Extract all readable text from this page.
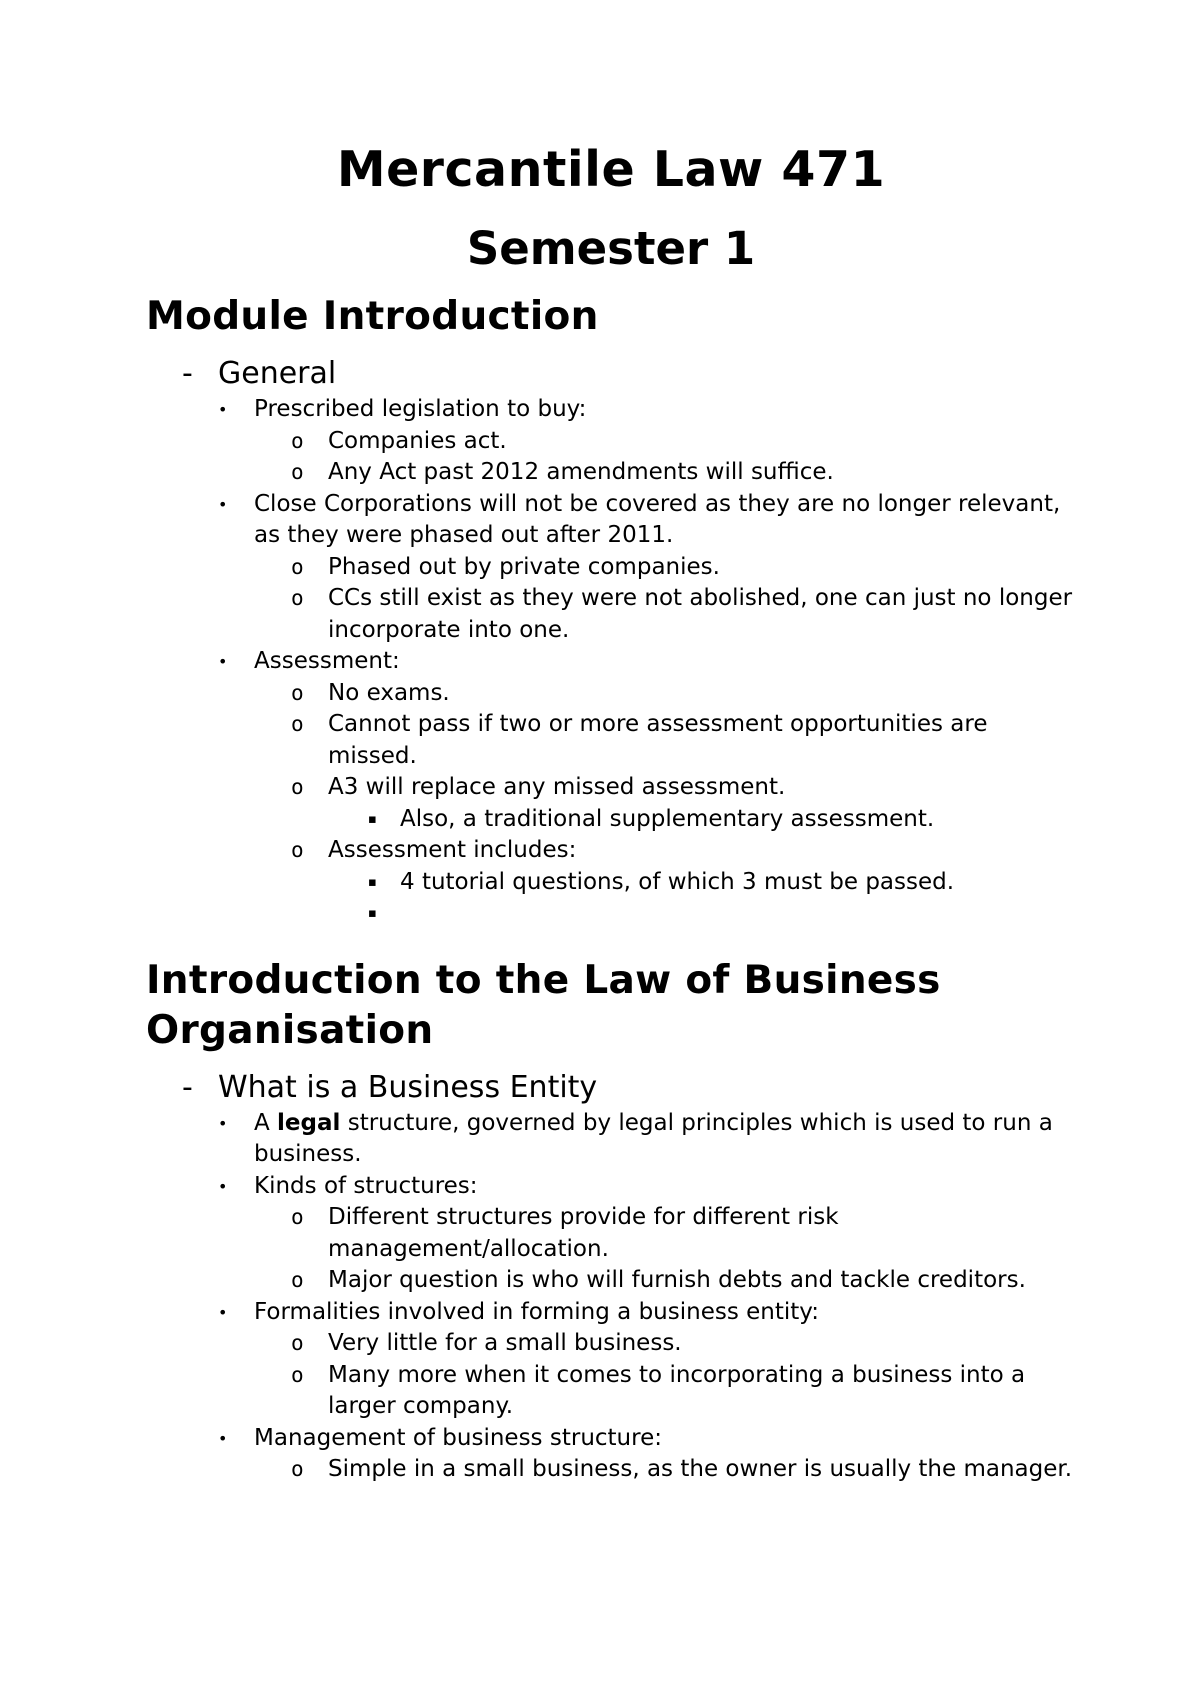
Mercantile Law 471
Semester 1
Module Introduction
- General
• Prescribed legislation to buy:
o Companies act.
o Any Act past 2012 amendments will suffice.
• Close Corporations will not be covered as they are no longer relevant, as they were phased out after 2011.
o Phased out by private companies.
o CCs still exist as they were not abolished, one can just no longer incorporate into one.
• Assessment:
o No exams.
o Cannot pass if two or more assessment opportunities are missed.
o A3 will replace any missed assessment.
▪ Also, a traditional supplementary assessment.
o Assessment includes:
▪ 4 tutorial questions, of which 3 must be passed.
▪
Introduction to the Law of Business Organisation
- What is a Business Entity
• A legal structure, governed by legal principles which is used to run a business.
• Kinds of structures:
o Different structures provide for different risk management/allocation.
o Major question is who will furnish debts and tackle creditors.
• Formalities involved in forming a business entity:
o Very little for a small business.
o Many more when it comes to incorporating a business into a larger company.
• Management of business structure:
o Simple in a small business, as the owner is usually the manager.
